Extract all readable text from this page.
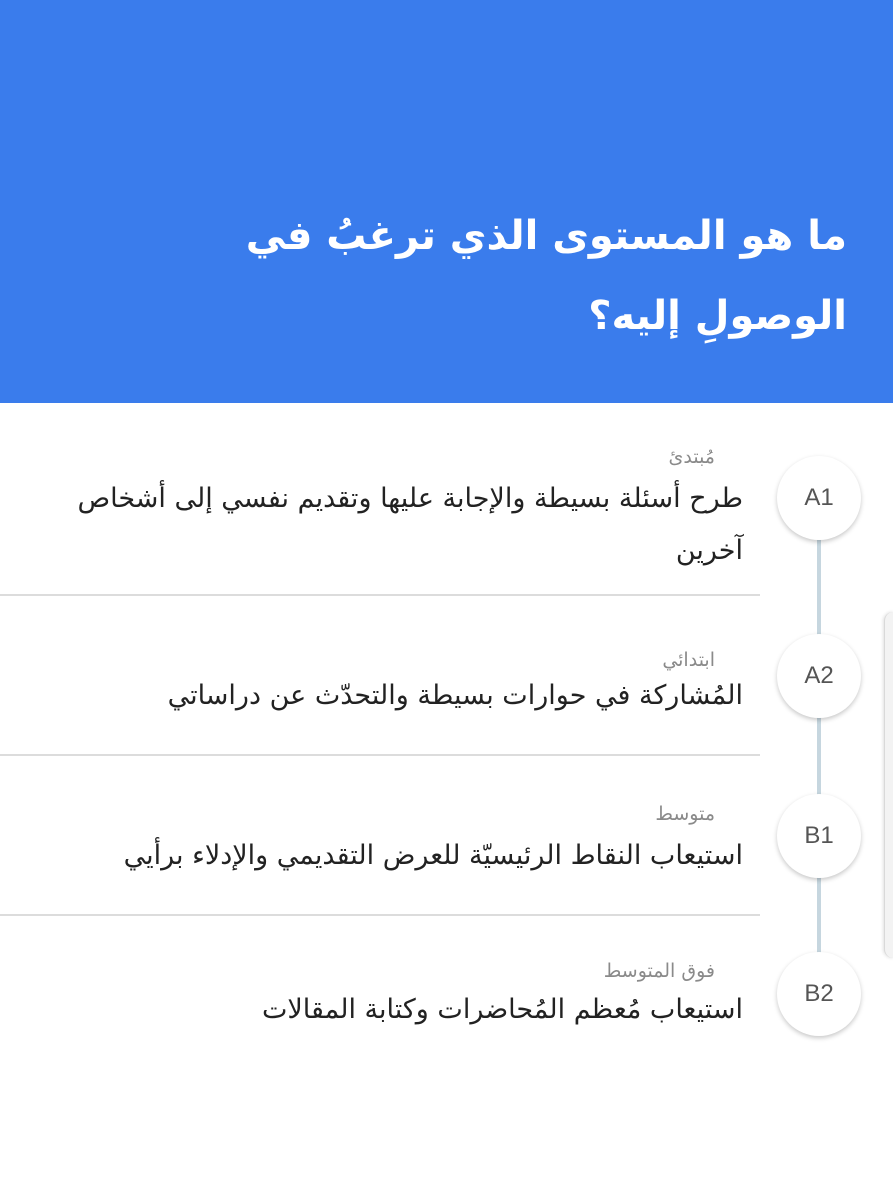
ما هو المستوى الذي ترغبُ في الوصولِ إليه؟
مُبتدئ
طرح أسئلة بسيطة والإجابة عليها وتقديم نفسي إلى أشخاص آخرين
A1
ابتدائي
المُشاركة في حوارات بسيطة والتحدّث عن دراساتي
A2
متوسط
استيعاب النقاط الرئيسيّة للعرض التقديمي والإدلاء برأيي
B1
فوق المتوسط
استيعاب مُعظم المُحاضرات وكتابة المقالات
B2
